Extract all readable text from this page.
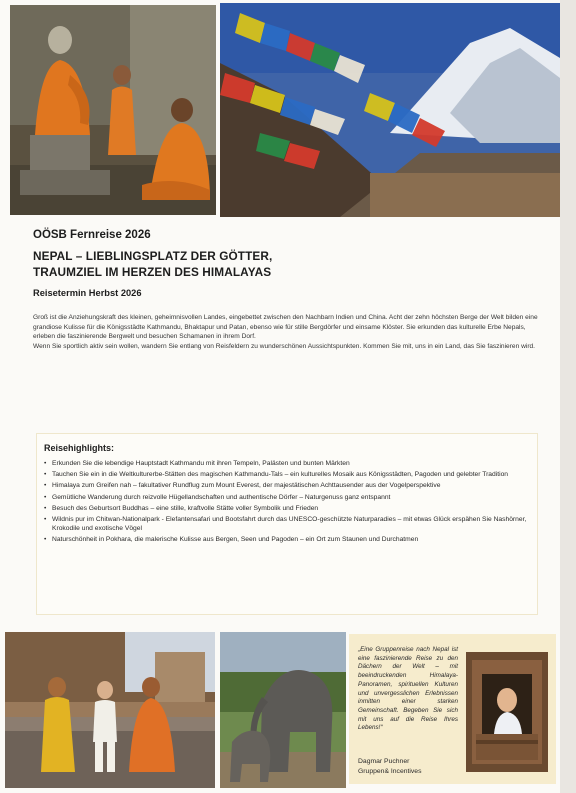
OÖSB Fernreise 2026
NEPAL – LIEBLINGSPLATZ DER GÖTTER,
TRAUMZIEL IM HERZEN DES HIMALAYAS
Reisetermin Herbst 2026

Groß ist die Anziehungskraft des kleinen, geheimnisvollen Landes, eingebettet zwischen den Nachbarn Indien und China. Acht der zehn höchsten Berge der Welt bilden eine grandiose Kulisse für die Königsstädte Kathmandu, Bhaktapur und Patan, ebenso wie für stille Bergdörfer und einsame Klöster. Sie erkunden das kulturelle Erbe Nepals, erleben die faszinierende Bergwelt und besuchen Schamanen in ihrem Dorf.

Wenn Sie sportlich aktiv sein wollen, wandern Sie entlang von Reisfeldern zu wunderschönen Aussichtspunkten. Kommen Sie mit, uns in ein Land, das Sie faszinieren wird.

Reisehighlights:
• Erkunden Sie die lebendige Hauptstadt Kathmandu mit ihren Tempeln, Palästen und bunten Märkten
• Tauchen Sie ein in die Weltkulturerbe-Stätten des magischen Kathmandu-Tals – ein kulturelles Mosaik aus Königsstädten, Pagoden und gelebter Tradition
• Himalaya zum Greifen nah – fakultativer Rundflug zum Mount Everest, der majestätischen Achttausender aus der Vogelperspektive
• Gemütliche Wanderung durch reizvolle Hügellandschaften und authentische Dörfer – Naturgenuss ganz entspannt
• Besuch des Geburtsort Buddhas – eine stille, kraftvolle Stätte voller Symbolik und Frieden
• Wildnis pur im Chitwan-Nationalpark - Elefantensafari und Bootsfahrt durch das UNESCO-geschützte Naturparadies – mit etwas Glück erspähen Sie Nashörner, Krokodile und exotische Vögel
• Naturschönheit in Pokhara, die malerische Kulisse aus Bergen, Seen und Pagoden – ein Ort zum Staunen und Durchatmen
„Eine Gruppenreise nach Nepal ist eine faszinierende Reise zu den Dächern der Welt – mit beeindruckenden Himalaya-Panoramen, spirituellen Kulturen und unvergesslichen Erlebnissen inmitten einer starken Gemeinschaft. Begeben Sie sich mit uns auf die Reise Ihres Lebens!“
Dagmar Puchner
Gruppen& Incentives
